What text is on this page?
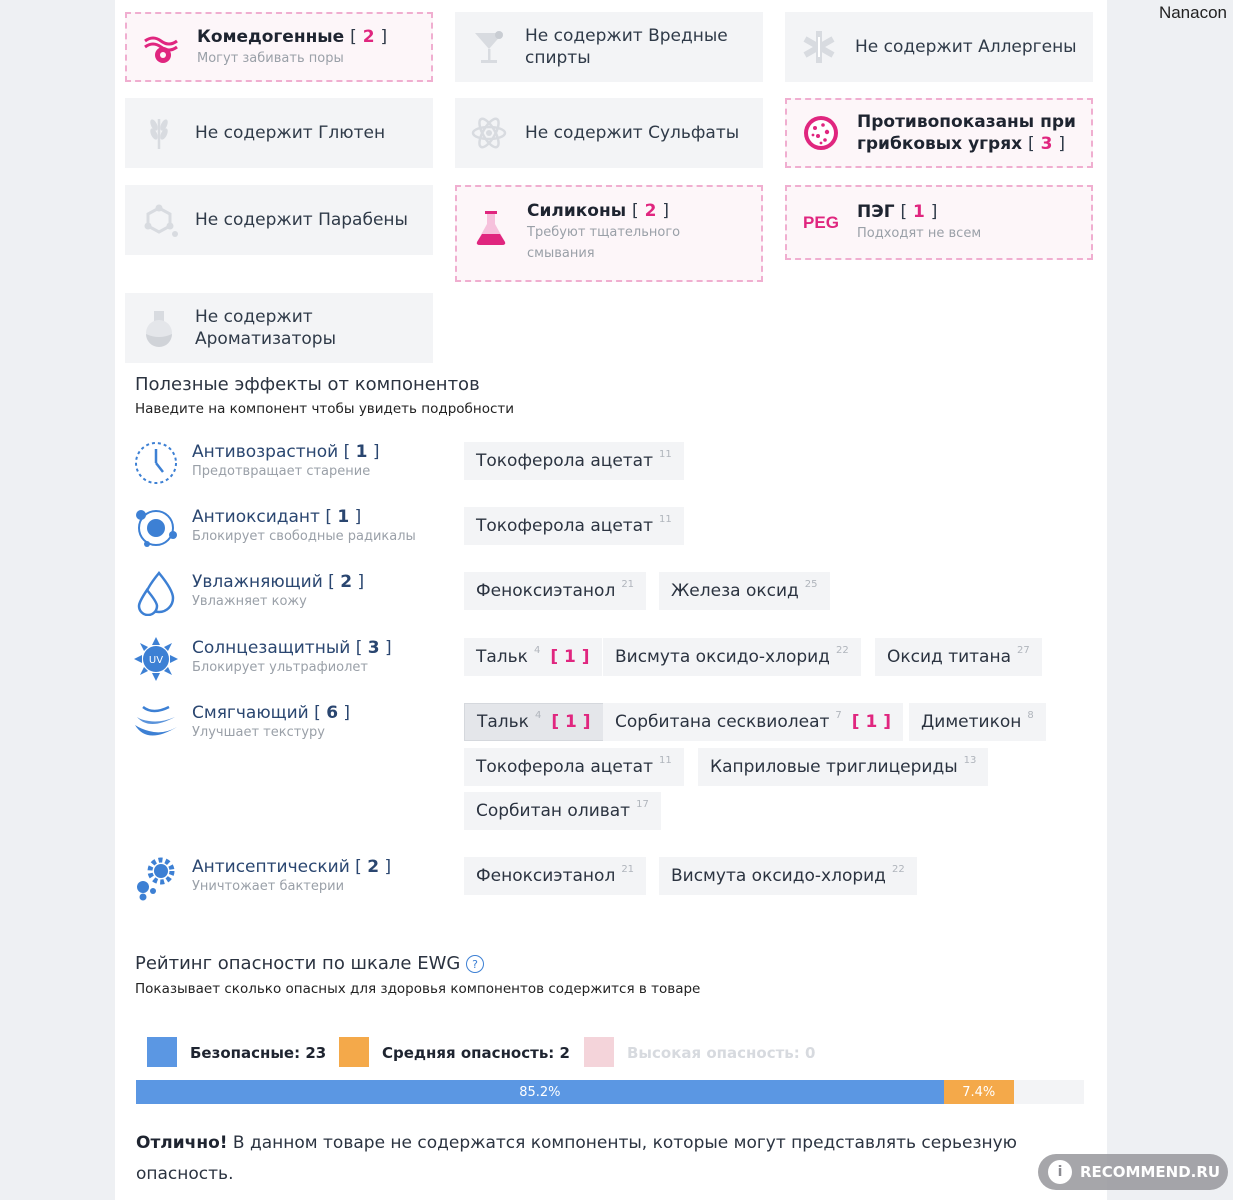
Nanacon
Комедогенные [ 2 ]
Могут забивать поры
Не содержит Вредные спирты
Не содержит Аллергены
Не содержит Глютен	Не содержит Сульфаты
Противопоказаны при грибковых угрях [ 3 ]
Не содержит Парабены	Силиконы [ 2 ]
Требуют тщательного смывания
PEG ПЭГ [ 1 ]
Подходят не всем
Не содержит Ароматизаторы
Полезные эффекты от компонентов
Наведите на компонент чтобы увидеть подробности
Антивозрастной [ 1 ]
Предотвращает старение
Токоферола ацетат $^{11}$
Антиоксидант [ 1 ]
Блокирует свободные радикалы
Токоферола ацетат $^{11}$
Увлажняющий [ 2 ]
Увлажняет кожу
Феноксиэтанол $^{21}$ Железа оксид $^{25}$
UV
Солнцезащитный [ 3 ]
Блокирует ультрафиолет
Тальк $^4$ [ 1 ] Висмута оксидо-хлорид $^{22}$ Оксид титана $^{27}$
Смягчающий [ 6 ]
Улучшает текстуру
Тальк $^4$ [ 1 ] Сорбитана сесквиолеат $^7$ [ 1 ] Диметикон $^8$
Токоферола ацетат $^{11}$ Каприловые триглицериды $^{13}$
Сорбитан оливат $^{17}$
Антисептический [ 2 ]
Уничтожает бактерии
Феноксиэтанол $^{21}$ Висмута оксидо-хлорид $^{22}$
Рейтинг опасности по шкале EWG ?
Показывает сколько опасных для здоровья компонентов содержится в товаре
Безопасные: 23	Средняя опасность: 2	Высокая опасность: 0
85.2%	7.4%
Отлично! В данном товаре не содержатся компоненты, которые могут представлять серьезную опасность.	i	RECOMMEND.RU
